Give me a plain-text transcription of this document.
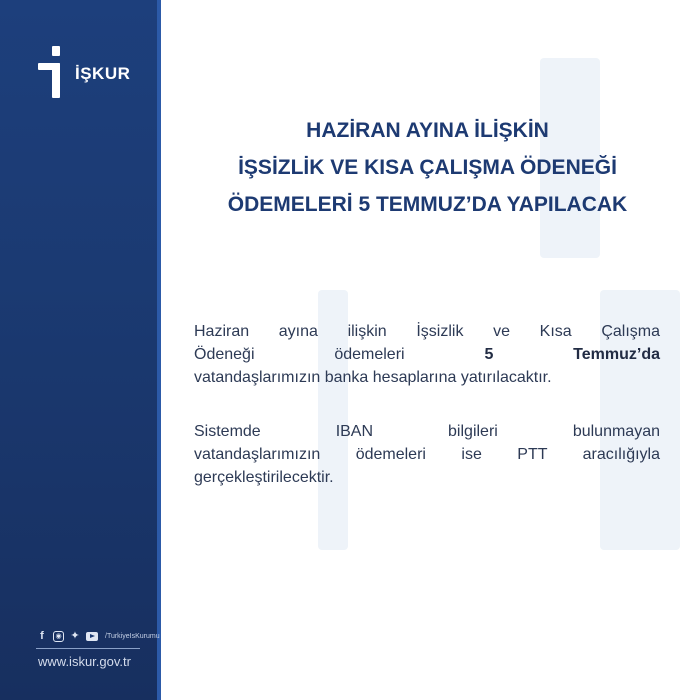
İŞKUR
HAZİRAN AYINA İLİŞKİN
İŞSİZLİK VE KISA ÇALIŞMA ÖDENEĞİ
ÖDEMELERİ 5 TEMMUZ’DA YAPILACAK

Haziran ayına ilişkin İşsizlik ve Kısa Çalışma
Ödeneği ödemeleri	5 Temmuz’da
vatandaşlarımızın banka hesaplarına yatırılacaktır.

Sistemde IBAN bilgileri bulunmayan
vatandaşlarımızın ödemeleri ise PTT aracılığıyla
gerçekleştirilecektir.

f	◉ ✦	/TurkiyeIsKurumu
www.iskur.gov.tr
